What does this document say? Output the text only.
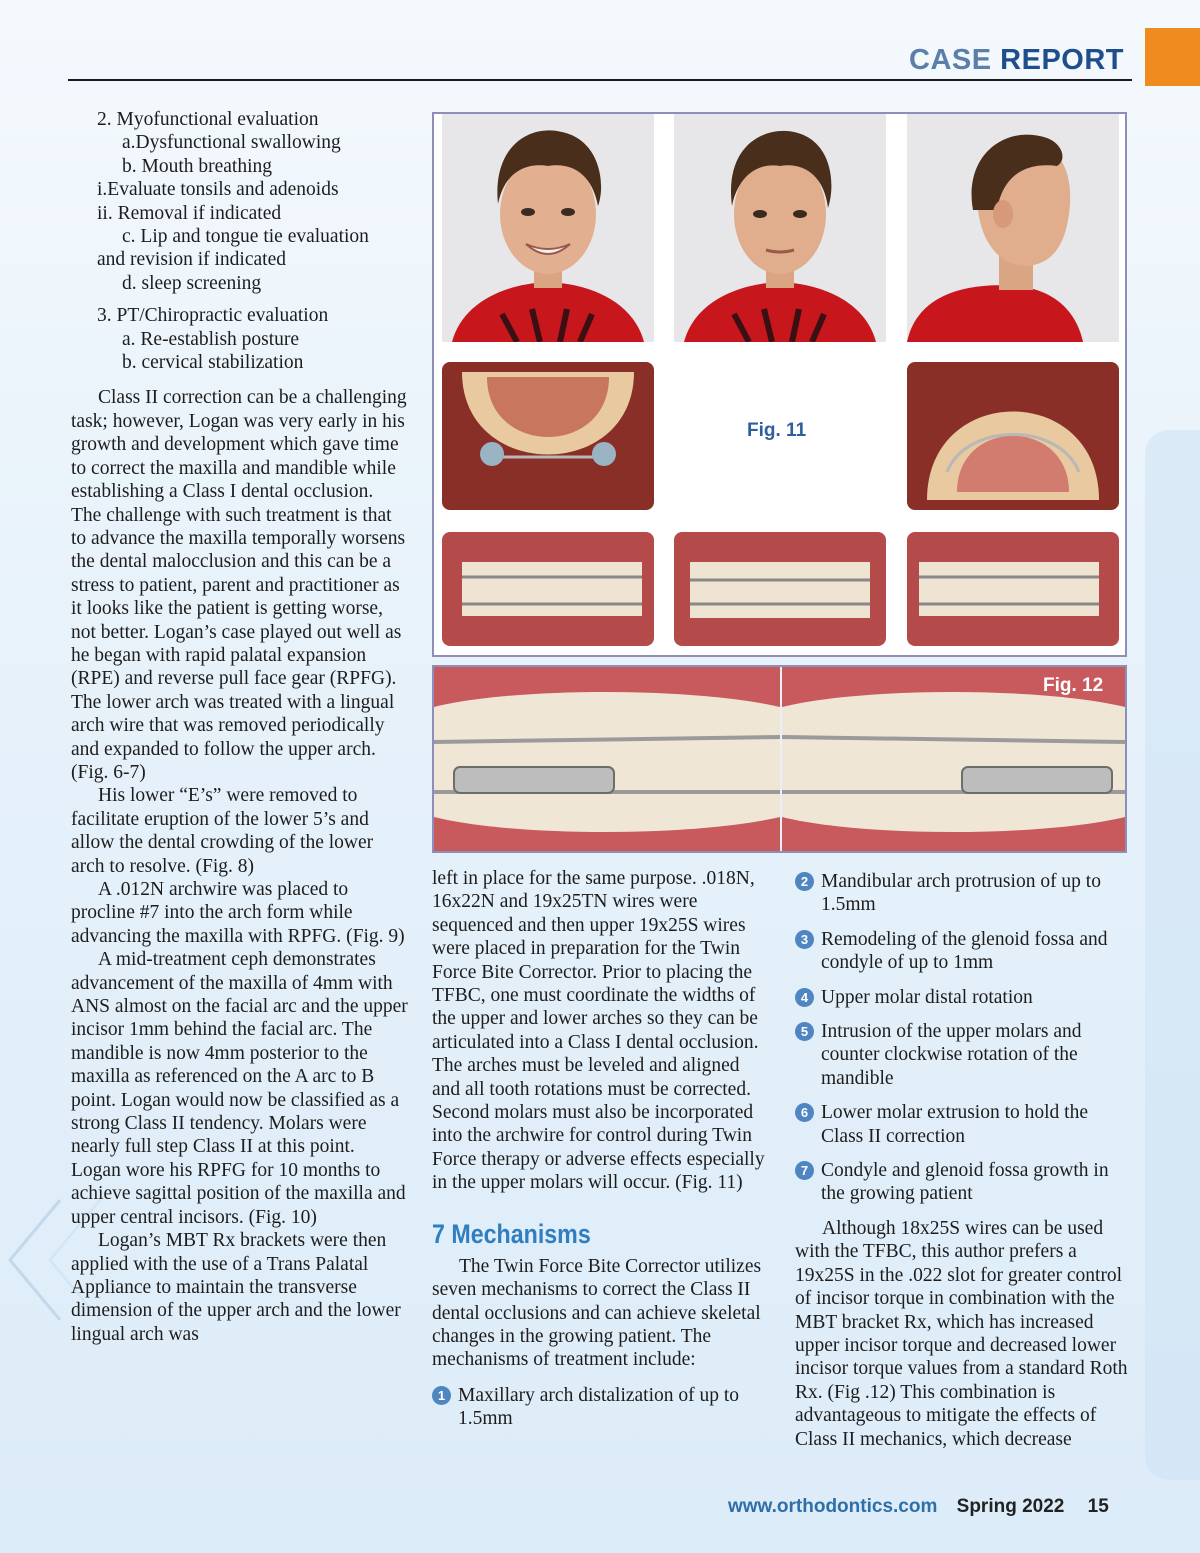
CASE REPORT

2. Myofunctional evaluation

a.Dysfunctional swallowing

b. Mouth breathing

i.Evaluate tonsils and adenoids

ii. Removal if indicated

c. Lip and tongue tie evaluation

and revision if indicated

d. sleep screening

3. PT/Chiropractic evaluation

a. Re-establish posture

b. cervical stabilization

Class II correction can be a challenging task; however, Logan was very early in his growth and development which gave time to correct the maxilla and mandible while establishing a Class I dental occlusion. The challenge with such treatment is that to advance the maxilla temporally worsens the dental malocclusion and this can be a stress to patient, parent and practitioner as it looks like the patient is getting worse, not better. Logan’s case played out well as he began with rapid palatal expansion (RPE) and reverse pull face gear (RPFG). The lower arch was treated with a lingual arch wire that was removed periodically and expanded to follow the upper arch. (Fig. 6-7)

His lower “E’s” were removed to facilitate eruption of the lower 5’s and allow the dental crowding of the lower arch to resolve. (Fig. 8)

A .012N archwire was placed to procline #7 into the arch form while advancing the maxilla with RPFG. (Fig. 9)

A mid-treatment ceph demonstrates advancement of the maxilla of 4mm with ANS almost on the facial arc and the upper incisor 1mm behind the facial arc. The mandible is now 4mm posterior to the maxilla as referenced on the A arc to B point. Logan would now be classified as a strong Class II tendency. Molars were nearly full step Class II at this point. Logan wore his RPFG for 10 months to achieve sagittal position of the maxilla and upper central incisors. (Fig. 10)

Logan’s MBT Rx brackets were then applied with the use of a Trans Palatal Appliance to maintain the transverse dimension of the upper arch and the lower lingual arch was

Fig. 11
Fig. 12

left in place for the same purpose. .018N, 16x22N and 19x25TN wires were sequenced and then upper 19x25S wires were placed in preparation for the Twin Force Bite Corrector. Prior to placing the TFBC, one must coordinate the widths of the upper and lower arches so they can be articulated into a Class I dental occlusion. The arches must be leveled and aligned and all tooth rotations must be corrected. Second molars must also be incorporated into the archwire for control during Twin Force therapy or adverse effects especially in the upper molars will occur. (Fig. 11)

7 Mechanisms

The Twin Force Bite Corrector utilizes seven mechanisms to correct the Class II dental occlusions and can achieve skeletal changes in the growing patient. The mechanisms of treatment include:

1 Maxillary arch distalization of up to 1.5mm

2 Mandibular arch protrusion of up to 1.5mm

3 Remodeling of the glenoid fossa and condyle of up to 1mm

4 Upper molar distal rotation

5 Intrusion of the upper molars and counter clockwise rotation of the mandible

6 Lower molar extrusion to hold the Class II correction

7 Condyle and glenoid fossa growth in the growing patient

Although 18x25S wires can be used with the TFBC, this author prefers a 19x25S in the .022 slot for greater control of incisor torque in combination with the MBT bracket Rx, which has increased upper incisor torque and decreased lower incisor torque values from a standard Roth Rx. (Fig .12) This combination is advantageous to mitigate the effects of Class II mechanics, which decrease

www.orthodontics.com Spring 2022 15
